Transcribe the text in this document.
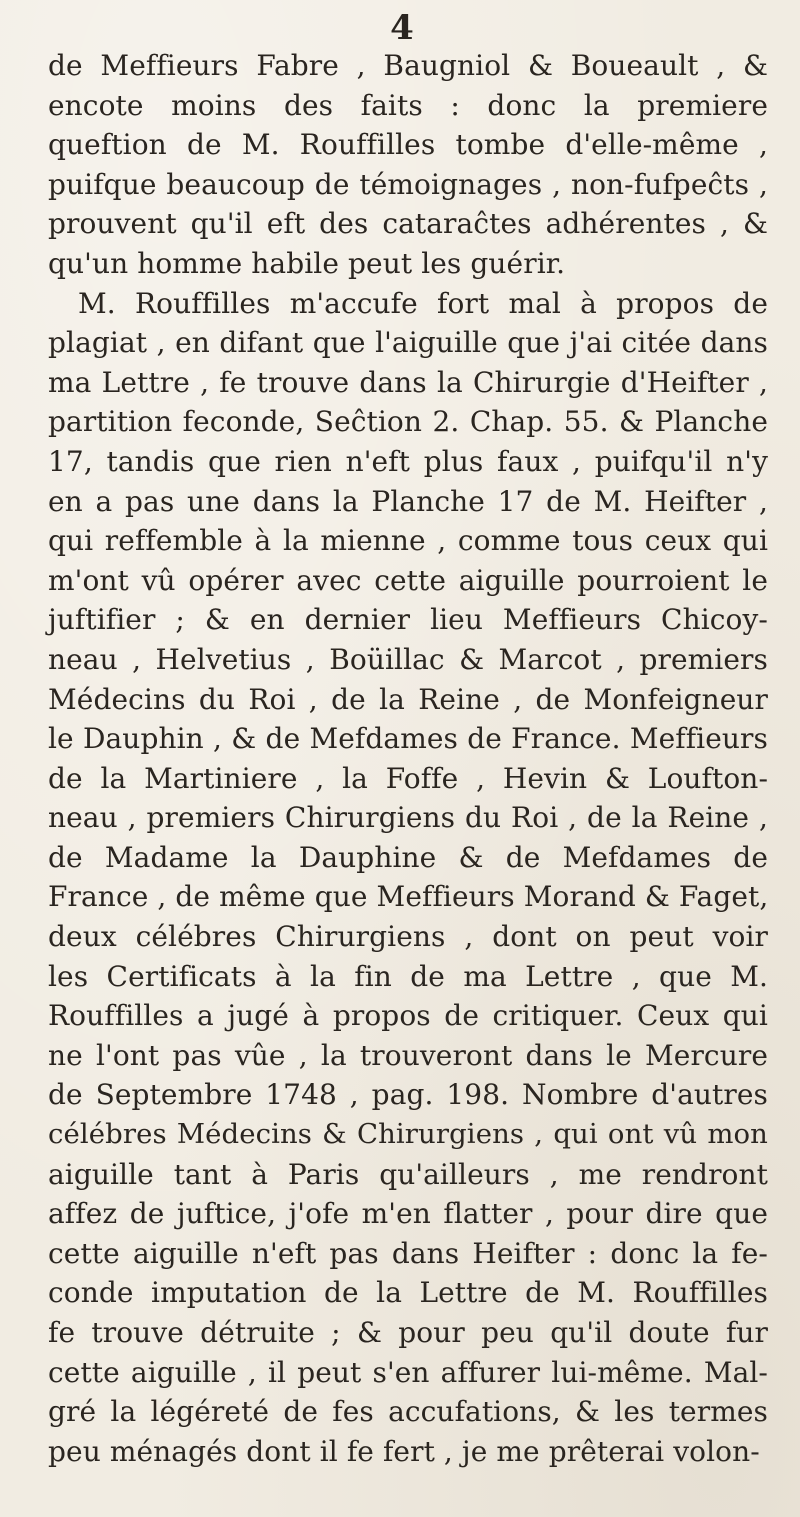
4
de Meffieurs Fabre , Baugniol & Boueault , &
encote moins des faits : donc la premiere
queftion de M. Rouffilles tombe d'elle-même ,
puifque beaucoup de témoignages , non-fufpeĉts ,
prouvent qu'il eft des cataraĉtes adhérentes , &
qu'un homme habile peut les guérir.
M. Rouffilles m'accufe fort mal à propos de
plagiat , en difant que l'aiguille que j'ai citée dans
ma Lettre , fe trouve dans la Chirurgie d'Heifter ,
partition feconde, Seĉtion 2. Chap. 55. & Planche
17, tandis que rien n'eft plus faux , puifqu'il n'y
en a pas une dans la Planche 17 de M. Heifter ,
qui reffemble à la mienne , comme tous ceux qui
m'ont vû opérer avec cette aiguille pourroient le
juftifier ; & en dernier lieu Meffieurs Chicoy-
neau , Helvetius , Boüillac & Marcot , premiers
Médecins du Roi , de la Reine , de Monfeigneur
le Dauphin , & de Mefdames de France. Meffieurs
de la Martiniere , la Foffe , Hevin & Loufton-
neau , premiers Chirurgiens du Roi , de la Reine ,
de Madame la Dauphine & de Mefdames de
France , de même que Meffieurs Morand & Faget,
deux célébres Chirurgiens , dont on peut voir
les Certificats à la fin de ma Lettre , que M.
Rouffilles a jugé à propos de critiquer. Ceux qui
ne l'ont pas vûe , la trouveront dans le Mercure
de Septembre 1748 , pag. 198. Nombre d'autres
célébres Médecins & Chirurgiens , qui ont vû mon
aiguille tant à Paris qu'ailleurs , me rendront
affez de juftice, j'ofe m'en flatter , pour dire que
cette aiguille n'eft pas dans Heifter : donc la fe-
conde imputation de la Lettre de M. Rouffilles
fe trouve détruite ; & pour peu qu'il doute fur
cette aiguille , il peut s'en affurer lui-même. Mal-
gré la légéreté de fes accufations, & les termes
peu ménagés dont il fe fert , je me prêterai volon-
